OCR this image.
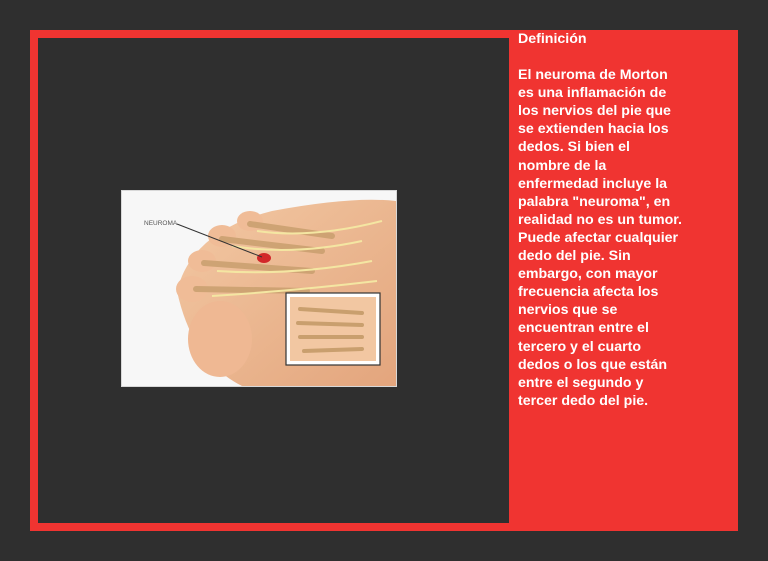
NEUROMA
Definición

El neuroma de Morton es una inflamación de los nervios del pie que se extienden hacia los dedos. Si bien el nombre de la enfermedad incluye la palabra "neuroma", en realidad no es un tumor. Puede afectar cualquier dedo del pie. Sin embargo, con mayor frecuencia afecta los nervios que se encuentran entre el tercero y el cuarto dedos o los que están entre el segundo y tercer dedo del pie.
